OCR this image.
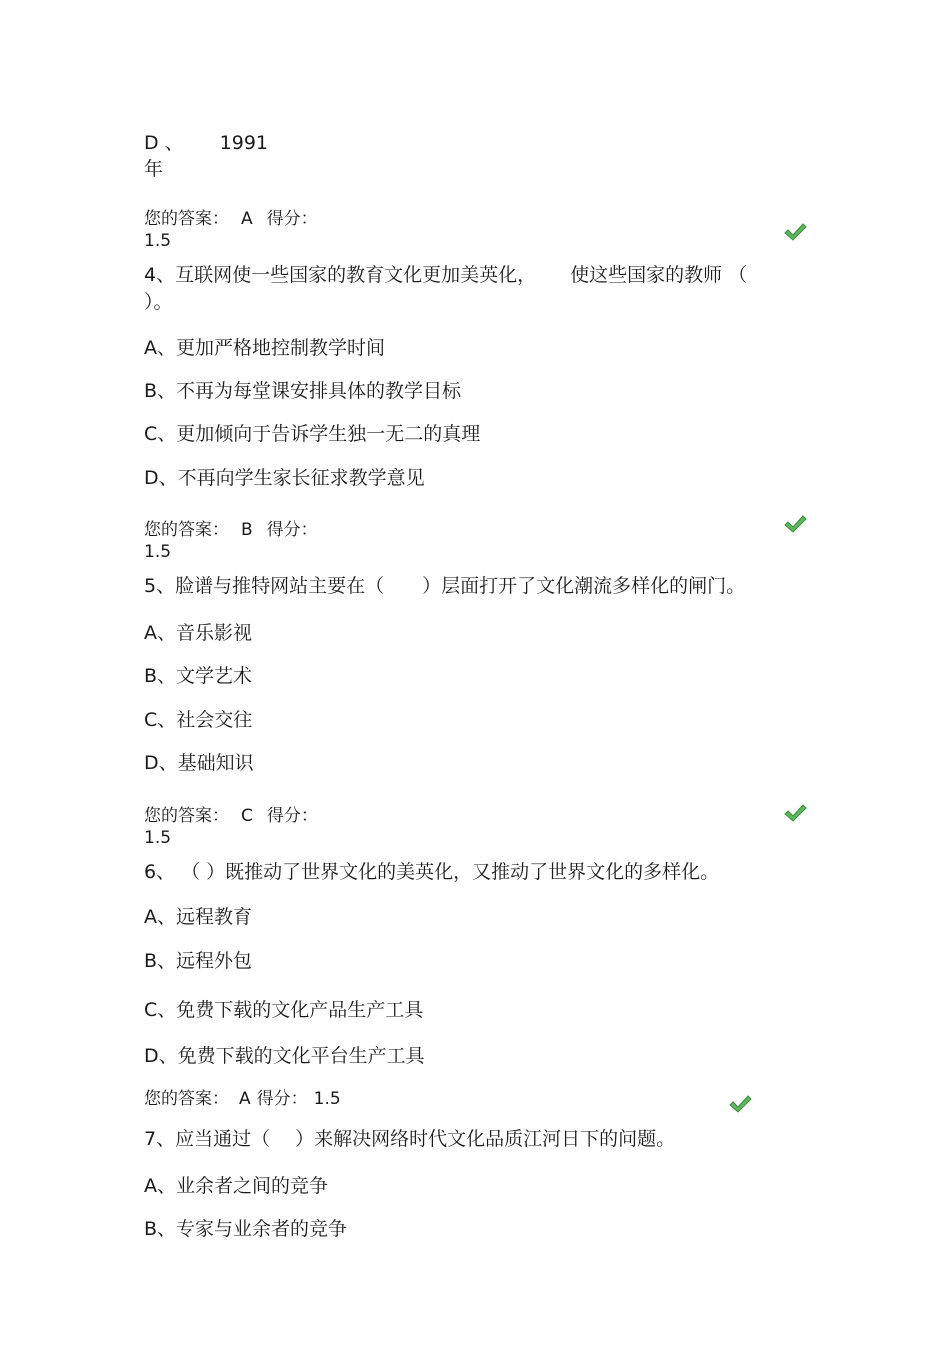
D 、 1991
年
您的答案： A 得分：
1.5
4、互联网使一些国家的教育文化更加美英化， 使这些国家的教师 （
）。
A、更加严格地控制教学时间
B、不再为每堂课安排具体的教学目标
C、更加倾向于告诉学生独一无二的真理
D、不再向学生家长征求教学意见
您的答案： B 得分：
1.5
5、脸谱与推特网站主要在（　　）层面打开了文化潮流多样化的闸门。
A、音乐影视
B、文学艺术
C、社会交往
D、基础知识
您的答案： C 得分：
1.5
6、 （ ）既推动了世界文化的美英化，又推动了世界文化的多样化。
A、远程教育
B、远程外包
C、免费下载的文化产品生产工具
D、免费下载的文化平台生产工具
您的答案： A 得分： 1.5
7、应当通过（　 ）来解决网络时代文化品质江河日下的问题。
A、业余者之间的竞争
B、专家与业余者的竞争
